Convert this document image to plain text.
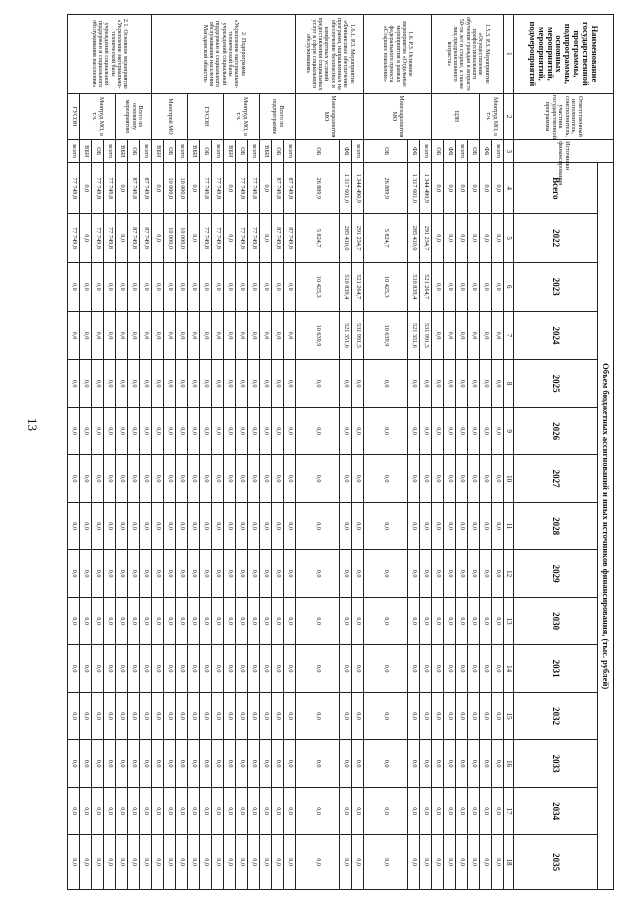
13
Наименование государственной программы, подпрограммы, основных мероприятий, мероприятий, подмероприятий	Ответственный исполнитель, соисполнитель, участник государственной программы	Источники финансирования	Объем бюджетных ассигнований и иных источников финансирования, (тыс. рублей)														
			Всего	2022	2023	2024	2025	2026	2027	2028	2029	2030	2031	2032	2033	2034	2035
1	2	3	4	5	6	7	8	9	10	11	12	13	14	15	16	17	18
1.5.3. Р.3. Мероприятие «Осуществление профессионального обучения граждан в возрасте 50-ти лет и старше, а также лиц предпенсионного возраста»	Минтруд МО, в т.ч.	всего	0,0	0,0	0,0	0,0	0,0	0,0	0,0	0,0	0,0	0,0	0,0	0,0	0,0	0,0	0,0
		ФБ	0,0	0,0	0,0	0,0	0,0	0,0	0,0	0,0	0,0	0,0	0,0	0,0	0,0	0,0	0,0
	ЦЗН	ОБ	0,0	0,0	0,0	0,0	0,0	0,0	0,0	0,0	0,0	0,0	0,0	0,0	0,0	0,0	0,0
		всего	0,0	0,0	0,0	0,0	0,0	0,0	0,0	0,0	0,0	0,0	0,0	0,0	0,0	0,0	0,0
		ФБ	0,0	0,0	0,0	0,0	0,0	0,0	0,0	0,0	0,0	0,0	0,0	0,0	0,0	0,0	0,0
		ОБ	0,0	0,0	0,0	0,0	0,0	0,0	0,0	0,0	0,0	0,0	0,0	0,0	0,0	0,0	0,0
1.6. Р.3. Основное мероприятие «Отдельные мероприятия в рамках федерального проекта «Старшее поколение»	Минсоцразвития МО	всего	1 344 490,9	291 234,7	521 264,7	531 991,5	0,0	0,0	0,0	0,0	0,0	0,0	0,0	0,0	0,0	0,0	0,0
		ФБ	1 317 601,0	285 410,0	510 839,4	521 351,6	0,0	0,0	0,0	0,0	0,0	0,0	0,0	0,0	0,0	0,0	0,0
		ОБ	26 889,9	5 824,7	10 425,3	10 639,9	0,0	0,0	0,0	0,0	0,0	0,0	0,0	0,0	0,0	0,0	0,0
1.6.1. Р.3. Мероприятие «Финансовое обеспечение программ, направленных на обеспечение безопасных и комфортных условий предоставления социальных услуг в сфере социального обслуживания»	Минсоцразвития МО	всего	1 344 490,9	291 234,7	521 264,7	531 991,5	0,0	0,0	0,0	0,0	0,0	0,0	0,0	0,0	0,0	0,0	0,0
		ФБ	1 317 601,0	285 410,0	510 839,4	521 351,6	0,0	0,0	0,0	0,0	0,0	0,0	0,0	0,0	0,0	0,0	0,0
		ОБ	26 889,9	5 824,7	10 425,3	10 639,9	0,0	0,0	0,0	0,0	0,0	0,0	0,0	0,0	0,0	0,0	0,0
2. Подпрограмма «Укрепление материально-технической базы учреждений социальной поддержки и социального обслуживания населения Магаданской области»	Всего по подпрограмме	всего	87 749,8	87 749,8	0,0	0,0	0,0	0,0	0,0	0,0	0,0	0,0	0,0	0,0	0,0	0,0	0,0
		ОБ	87 749,8	87 749,8	0,0	0,0	0,0	0,0	0,0	0,0	0,0	0,0	0,0	0,0	0,0	0,0	0,0
		ВБИ	0,0	0,0	0,0	0,0	0,0	0,0	0,0	0,0	0,0	0,0	0,0	0,0	0,0	0,0	0,0
	Минтруд МО, в т.ч.	всего	77 749,8	77 749,8	0,0	0,0	0,0	0,0	0,0	0,0	0,0	0,0	0,0	0,0	0,0	0,0	0,0
		ОБ	77 749,8	77 749,8	0,0	0,0	0,0	0,0	0,0	0,0	0,0	0,0	0,0	0,0	0,0	0,0	0,0
		ВБИ	0,0	0,0	0,0	0,0	0,0	0,0	0,0	0,0	0,0	0,0	0,0	0,0	0,0	0,0	0,0
	ГУСОН	всего	77 749,8	77 749,8	0,0	0,0	0,0	0,0	0,0	0,0	0,0	0,0	0,0	0,0	0,0	0,0	0,0
		ОБ	77 749,8	77 749,8	0,0	0,0	0,0	0,0	0,0	0,0	0,0	0,0	0,0	0,0	0,0	0,0	0,0
		ВБИ	0,0	0,0	0,0	0,0	0,0	0,0	0,0	0,0	0,0	0,0	0,0	0,0	0,0	0,0	0,0
	Минстрой МО	всего	10 000,0	10 000,0	0,0	0,0	0,0	0,0	0,0	0,0	0,0	0,0	0,0	0,0	0,0	0,0	0,0
		ОБ	10 000,0	10 000,0	0,0	0,0	0,0	0,0	0,0	0,0	0,0	0,0	0,0	0,0	0,0	0,0	0,0
		ВБИ	0,0	0,0	0,0	0,0	0,0	0,0	0,0	0,0	0,0	0,0	0,0	0,0	0,0	0,0	0,0
2.1. Основное мероприятие «Укрепление материально-технической базы учреждений социальной поддержки и социального обслуживания населения»	Всего по основному мероприятию	всего	87 749,8	87 749,8	0,0	0,0	0,0	0,0	0,0	0,0	0,0	0,0	0,0	0,0	0,0	0,0	0,0
		ОБ	87 749,8	87 749,8	0,0	0,0	0,0	0,0	0,0	0,0	0,0	0,0	0,0	0,0	0,0	0,0	0,0
		ВБИ	0,0	0,0	0,0	0,0	0,0	0,0	0,0	0,0	0,0	0,0	0,0	0,0	0,0	0,0	0,0
	Минтруд МО, в т.ч.	всего	77 749,8	77 749,8	0,0	0,0	0,0	0,0	0,0	0,0	0,0	0,0	0,0	0,0	0,0	0,0	0,0
		ОБ	77 749,8	77 749,8	0,0	0,0	0,0	0,0	0,0	0,0	0,0	0,0	0,0	0,0	0,0	0,0	0,0
		ВБИ	0,0	0,0	0,0	0,0	0,0	0,0	0,0	0,0	0,0	0,0	0,0	0,0	0,0	0,0	0,0
	ГУСОН	всего	77 749,8	77 749,8	0,0	0,0	0,0	0,0	0,0	0,0	0,0	0,0	0,0	0,0	0,0	0,0	0,0
